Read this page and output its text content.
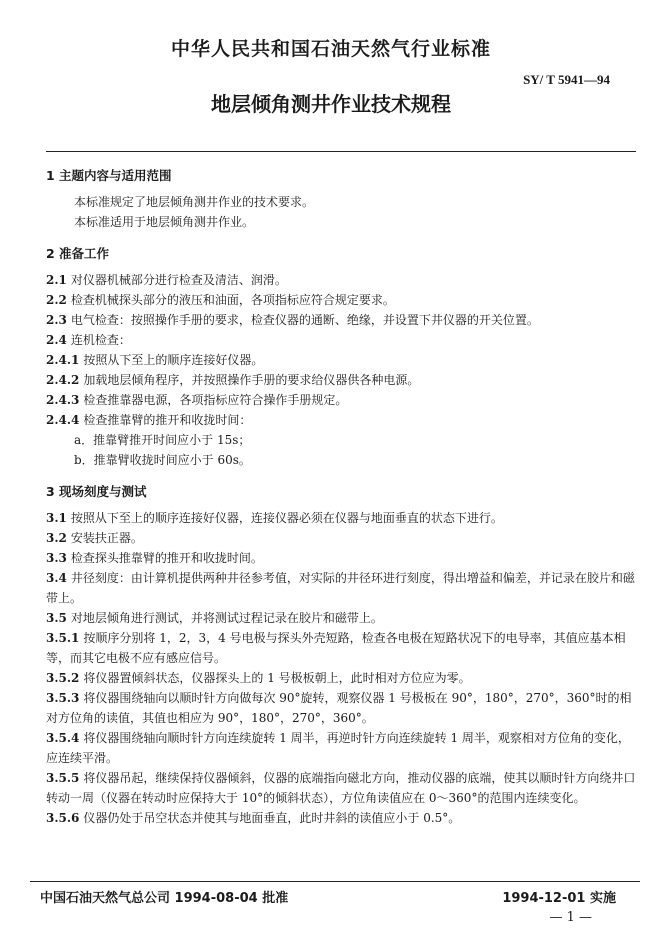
中华人民共和国石油天然气行业标准
SY/ T 5941—94
地层倾角测井作业技术规程

1 主题内容与适用范围

本标准规定了地层倾角测井作业的技术要求。

本标准适用于地层倾角测井作业。

2 准备工作

2.1 对仪器机械部分进行检查及清洁、润滑。

2.2 检查机械探头部分的液压和油面，各项指标应符合规定要求。

2.3 电气检查：按照操作手册的要求，检查仪器的通断、绝缘，并设置下井仪器的开关位置。

2.4 连机检查：

2.4.1 按照从下至上的顺序连接好仪器。

2.4.2 加载地层倾角程序，并按照操作手册的要求给仪器供各种电源。

2.4.3 检查推靠器电源，各项指标应符合操作手册规定。

2.4.4 检查推靠臂的推开和收拢时间：

a．推靠臂推开时间应小于 15s；

b．推靠臂收拢时间应小于 60s。

3 现场刻度与测试

3.1 按照从下至上的顺序连接好仪器，连接仪器必须在仪器与地面垂直的状态下进行。

3.2 安装扶正器。

3.3 检查探头推靠臂的推开和收拢时间。

3.4 井径刻度：由计算机提供两种井径参考值，对实际的井径环进行刻度，得出增益和偏差，并记录在胶片和磁带上。

3.5 对地层倾角进行测试，并将测试过程记录在胶片和磁带上。

3.5.1 按顺序分别将 1，2，3，4 号电极与探头外壳短路，检查各电极在短路状况下的电导率，其值应基本相等，而其它电极不应有感应信号。

3.5.2 将仪器置倾斜状态，仪器探头上的 1 号极板朝上，此时相对方位应为零。

3.5.3 将仪器围绕轴向以顺时针方向做每次 90°旋转，观察仪器 1 号极板在 90°，180°，270°，360°时的相对方位角的读值，其值也相应为 90°，180°，270°，360°。

3.5.4 将仪器围绕轴向顺时针方向连续旋转 1 周半，再逆时针方向连续旋转 1 周半，观察相对方位角的变化，应连续平滑。

3.5.5 将仪器吊起，继续保持仪器倾斜，仪器的底端指向磁北方向，推动仪器的底端，使其以顺时针方向绕井口转动一周（仪器在转动时应保持大于 10°的倾斜状态），方位角读值应在 0～360°的范围内连续变化。

3.5.6 仪器仍处于吊空状态并使其与地面垂直，此时井斜的读值应小于 0.5°。

中国石油天然气总公司 1994-08-04 批准	1994-12-01 实施
— 1 —
